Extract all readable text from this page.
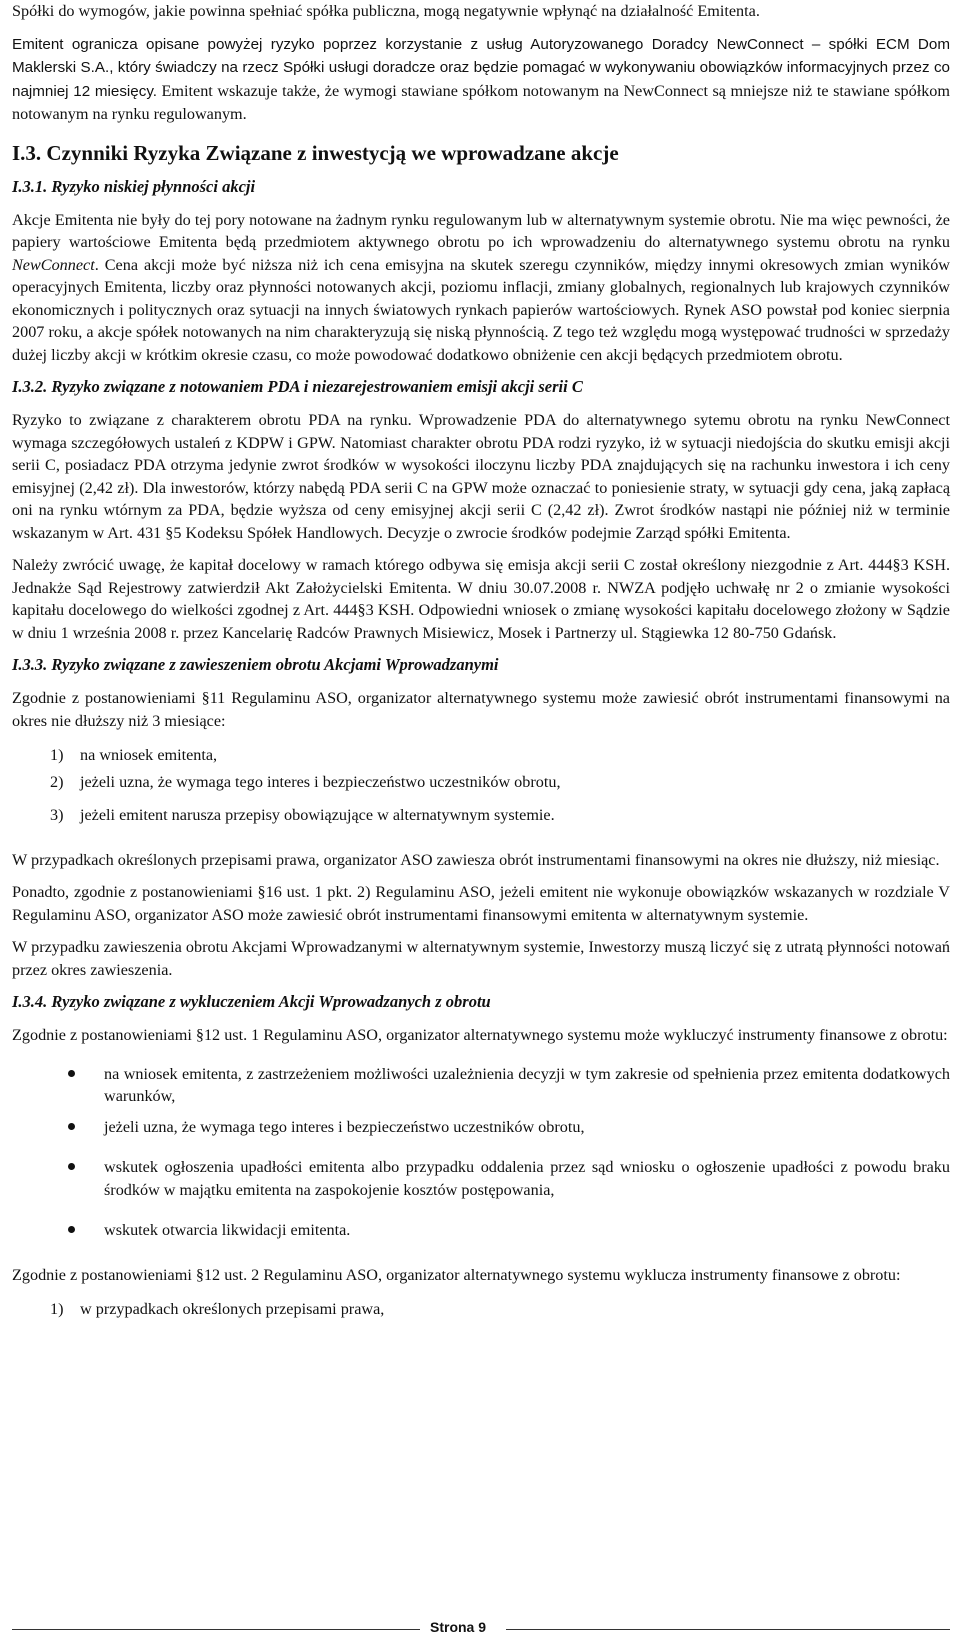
Spółki do wymogów, jakie powinna spełniać spółka publiczna, mogą negatywnie wpłynąć na działalność Emitenta.

Emitent ogranicza opisane powyżej ryzyko poprzez korzystanie z usług Autoryzowanego Doradcy NewConnect – spółki ECM Dom Maklerski S.A., który świadczy na rzecz Spółki usługi doradcze oraz będzie pomagać w wykonywaniu obowiązków informacyjnych przez co najmniej 12 miesięcy. Emitent wskazuje także, że wymogi stawiane spółkom notowanym na NewConnect są mniejsze niż te stawiane spółkom notowanym na rynku regulowanym.

I.3. Czynniki Ryzyka Związane z inwestycją we wprowadzane akcje
I.3.1. Ryzyko niskiej płynności akcji

Akcje Emitenta nie były do tej pory notowane na żadnym rynku regulowanym lub w alternatywnym systemie obrotu. Nie ma więc pewności, że papiery wartościowe Emitenta będą przedmiotem aktywnego obrotu po ich wprowadzeniu do alternatywnego systemu obrotu na rynku NewConnect. Cena akcji może być niższa niż ich cena emisyjna na skutek szeregu czynników, między innymi okresowych zmian wyników operacyjnych Emitenta, liczby oraz płynności notowanych akcji, poziomu inflacji, zmiany globalnych, regionalnych lub krajowych czynników ekonomicznych i politycznych oraz sytuacji na innych światowych rynkach papierów wartościowych. Rynek ASO powstał pod koniec sierpnia 2007 roku, a akcje spółek notowanych na nim charakteryzują się niską płynnością. Z tego też względu mogą występować trudności w sprzedaży dużej liczby akcji w krótkim okresie czasu, co może powodować dodatkowo obniżenie cen akcji będących przedmiotem obrotu.

I.3.2. Ryzyko związane z notowaniem PDA i niezarejestrowaniem emisji akcji serii C

Ryzyko to związane z charakterem obrotu PDA na rynku. Wprowadzenie PDA do alternatywnego sytemu obrotu na rynku NewConnect wymaga szczegółowych ustaleń z KDPW i GPW. Natomiast charakter obrotu PDA rodzi ryzyko, iż w sytuacji niedojścia do skutku emisji akcji serii C, posiadacz PDA otrzyma jedynie zwrot środków w wysokości iloczynu liczby PDA znajdujących się na rachunku inwestora i ich ceny emisyjnej (2,42 zł). Dla inwestorów, którzy nabędą PDA serii C na GPW może oznaczać to poniesienie straty, w sytuacji gdy cena, jaką zapłacą oni na rynku wtórnym za PDA, będzie wyższa od ceny emisyjnej akcji serii C (2,42 zł). Zwrot środków nastąpi nie później niż w terminie wskazanym w Art. 431 §5 Kodeksu Spółek Handlowych. Decyzje o zwrocie środków podejmie Zarząd spółki Emitenta.

Należy zwrócić uwagę, że kapitał docelowy w ramach którego odbywa się emisja akcji serii C został określony niezgodnie z Art. 444§3 KSH. Jednakże Sąd Rejestrowy zatwierdził Akt Założycielski Emitenta. W dniu 30.07.2008 r. NWZA podjęło uchwałę nr 2 o zmianie wysokości kapitału docelowego do wielkości zgodnej z Art. 444§3 KSH. Odpowiedni wniosek o zmianę wysokości kapitału docelowego złożony w Sądzie w dniu 1 września 2008 r. przez Kancelarię Radców Prawnych Misiewicz, Mosek i Partnerzy ul. Stągiewka 12 80-750 Gdańsk.

I.3.3. Ryzyko związane z zawieszeniem obrotu Akcjami Wprowadzanymi

Zgodnie z postanowieniami §11 Regulaminu ASO, organizator alternatywnego systemu może zawiesić obrót instrumentami finansowymi na okres nie dłuższy niż 3 miesiące:

1)	na wniosek emitenta,
2)	jeżeli uzna, że wymaga tego interes i bezpieczeństwo uczestników obrotu,
3)	jeżeli emitent narusza przepisy obowiązujące w alternatywnym systemie.

W przypadkach określonych przepisami prawa, organizator ASO zawiesza obrót instrumentami finansowymi na okres nie dłuższy, niż miesiąc.

Ponadto, zgodnie z postanowieniami §16 ust. 1 pkt. 2) Regulaminu ASO, jeżeli emitent nie wykonuje obowiązków wskazanych w rozdziale V Regulaminu ASO, organizator ASO może zawiesić obrót instrumentami finansowymi emitenta w alternatywnym systemie.

W przypadku zawieszenia obrotu Akcjami Wprowadzanymi w alternatywnym systemie, Inwestorzy muszą liczyć się z utratą płynności notowań przez okres zawieszenia.

I.3.4. Ryzyko związane z wykluczeniem Akcji Wprowadzanych z obrotu

Zgodnie z postanowieniami §12 ust. 1 Regulaminu ASO, organizator alternatywnego systemu może wykluczyć instrumenty finansowe z obrotu:

na wniosek emitenta, z zastrzeżeniem możliwości uzależnienia decyzji w tym zakresie od spełnienia przez emitenta dodatkowych warunków,
jeżeli uzna, że wymaga tego interes i bezpieczeństwo uczestników obrotu,
wskutek ogłoszenia upadłości emitenta albo przypadku oddalenia przez sąd wniosku o ogłoszenie upadłości z powodu braku środków w majątku emitenta na zaspokojenie kosztów postępowania,
wskutek otwarcia likwidacji emitenta.

Zgodnie z postanowieniami §12 ust. 2 Regulaminu ASO, organizator alternatywnego systemu wyklucza instrumenty finansowe z obrotu:

1)	w przypadkach określonych przepisami prawa,
Strona 9
